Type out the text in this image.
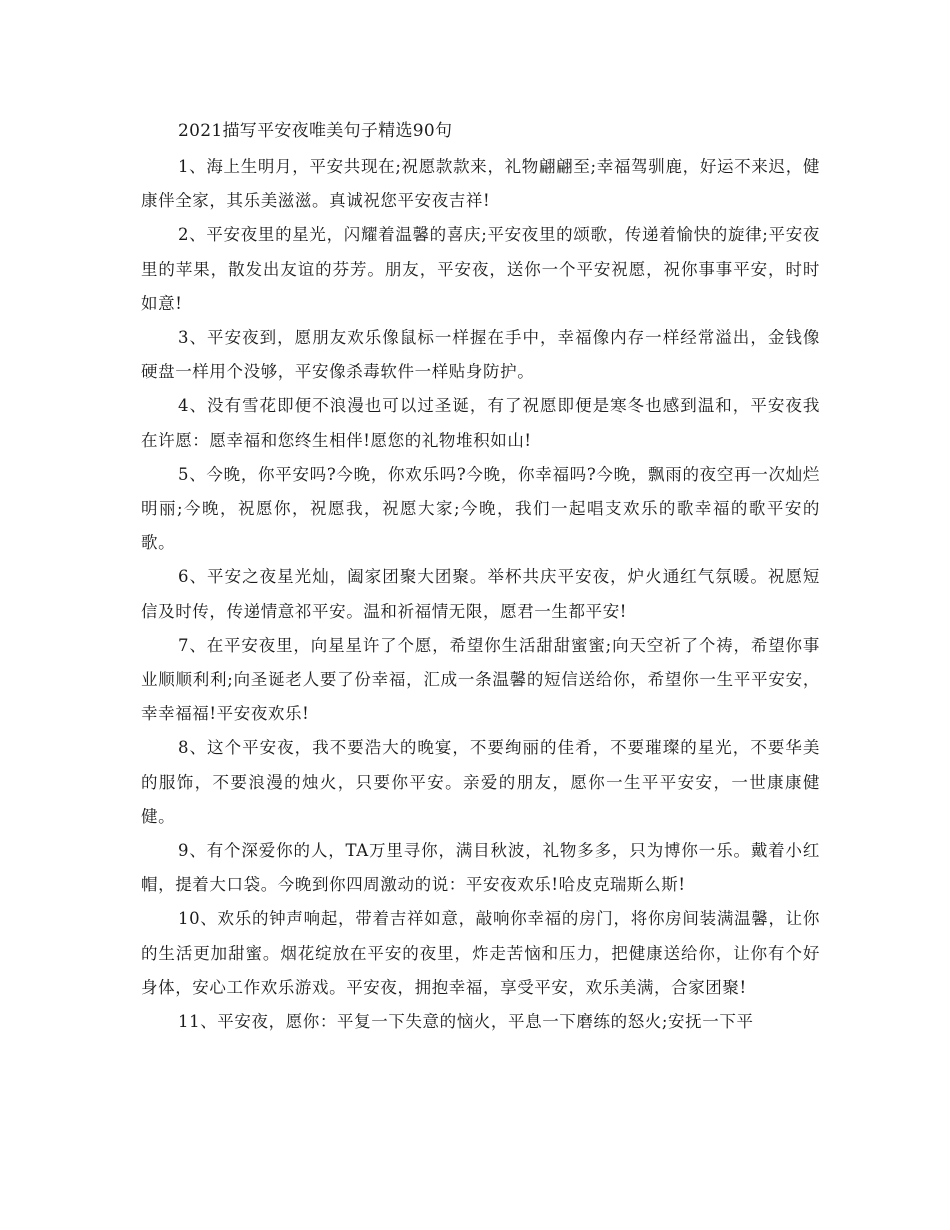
2021描写平安夜唯美句子精选90句

1、海上生明月，平安共现在;祝愿款款来，礼物翩翩至;幸福驾驯鹿，好运不来迟，健康伴全家，其乐美滋滋。真诚祝您平安夜吉祥!

2、平安夜里的星光，闪耀着温馨的喜庆;平安夜里的颂歌，传递着愉快的旋律;平安夜里的苹果，散发出友谊的芬芳。朋友，平安夜，送你一个平安祝愿，祝你事事平安，时时如意!

3、平安夜到，愿朋友欢乐像鼠标一样握在手中，幸福像内存一样经常溢出，金钱像硬盘一样用个没够，平安像杀毒软件一样贴身防护。

4、没有雪花即便不浪漫也可以过圣诞，有了祝愿即便是寒冬也感到温和，平安夜我在许愿：愿幸福和您终生相伴!愿您的礼物堆积如山!

5、今晚，你平安吗?今晚，你欢乐吗?今晚，你幸福吗?今晚，飘雨的夜空再一次灿烂明丽;今晚，祝愿你，祝愿我，祝愿大家;今晚，我们一起唱支欢乐的歌幸福的歌平安的歌。

6、平安之夜星光灿，阖家团聚大团聚。举杯共庆平安夜，炉火通红气氛暖。祝愿短信及时传，传递情意祁平安。温和祈福情无限，愿君一生都平安!

7、在平安夜里，向星星许了个愿，希望你生活甜甜蜜蜜;向天空祈了个祷，希望你事业顺顺利利;向圣诞老人要了份幸福，汇成一条温馨的短信送给你，希望你一生平平安安，幸幸福福!平安夜欢乐!

8、这个平安夜，我不要浩大的晚宴，不要绚丽的佳肴，不要璀璨的星光，不要华美的服饰，不要浪漫的烛火，只要你平安。亲爱的朋友，愿你一生平平安安，一世康康健健。

9、有个深爱你的人，TA万里寻你，满目秋波，礼物多多，只为博你一乐。戴着小红帽，提着大口袋。今晚到你四周激动的说：平安夜欢乐!哈皮克瑞斯么斯!

10、欢乐的钟声响起，带着吉祥如意，敲响你幸福的房门，将你房间装满温馨，让你的生活更加甜蜜。烟花绽放在平安的夜里，炸走苦恼和压力，把健康送给你，让你有个好身体，安心工作欢乐游戏。平安夜，拥抱幸福，享受平安，欢乐美满，合家团聚!

11、平安夜，愿你：平复一下失意的恼火，平息一下磨练的怒火;安抚一下平
